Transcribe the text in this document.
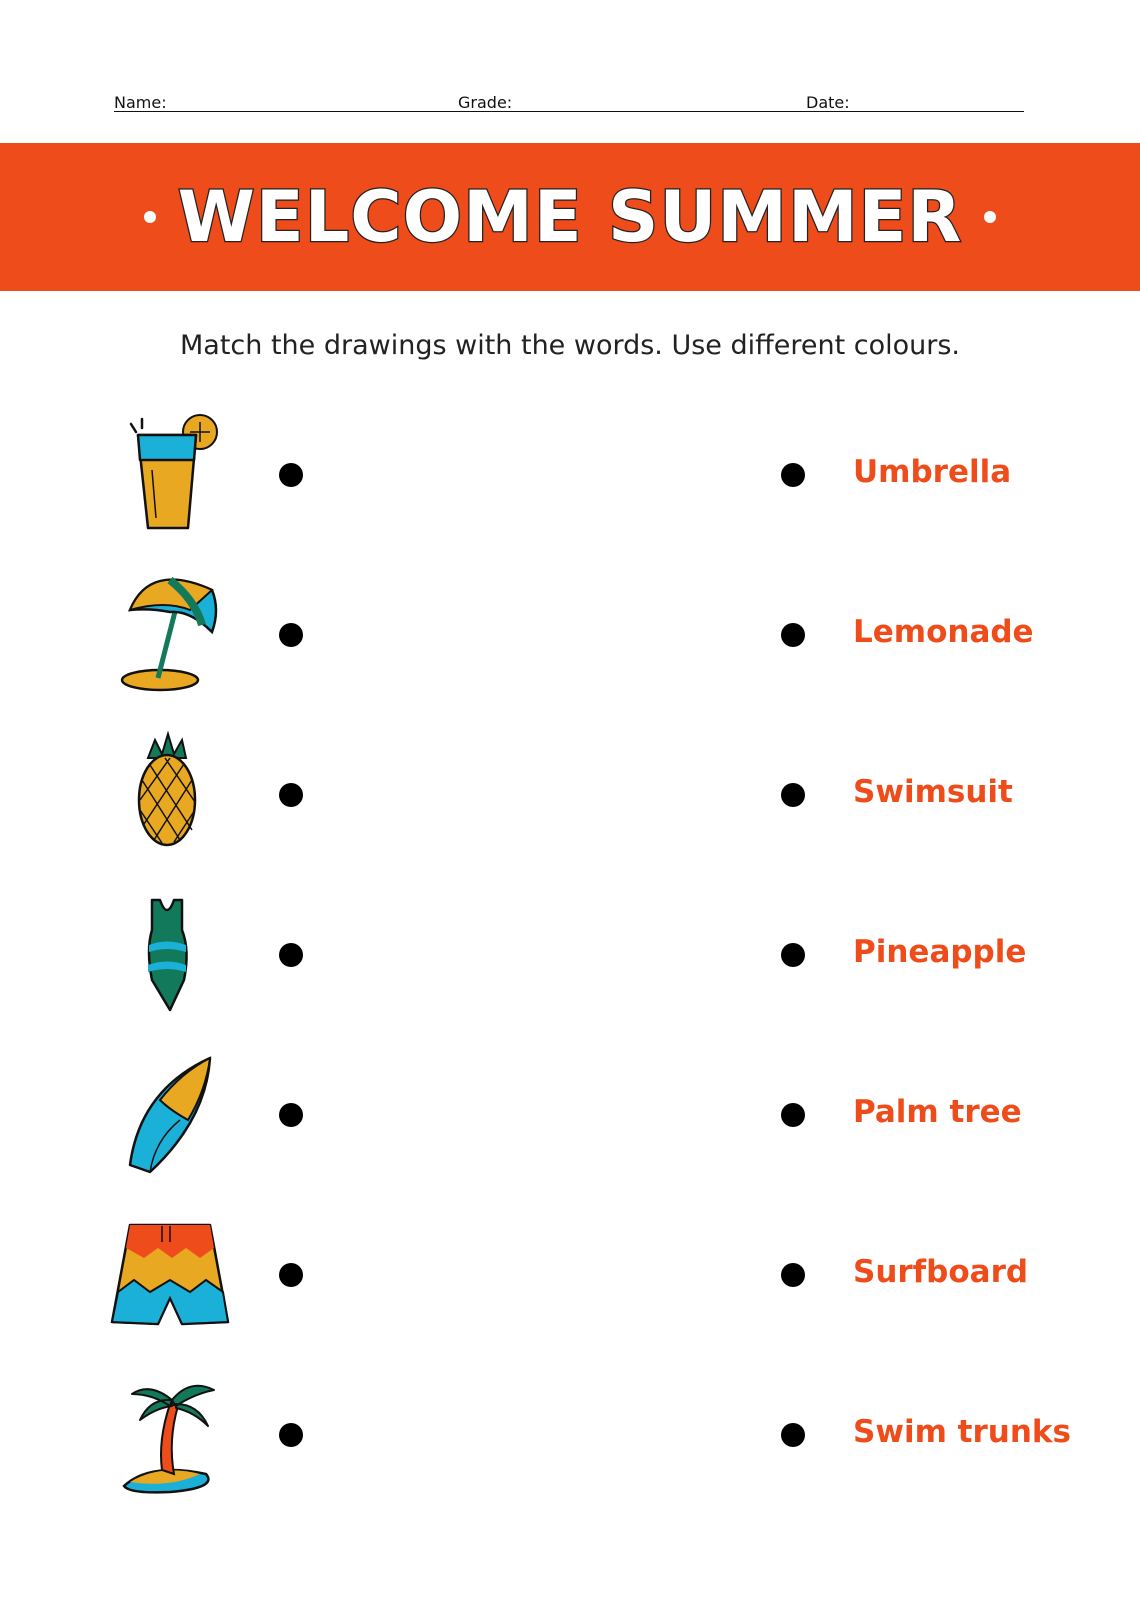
Name:	Grade:	Date:
WELCOME SUMMER
Match the drawings with the words. Use different colours.
Umbrella
Lemonade
Swimsuit
Pineapple
Palm tree
Surfboard
Swim trunks
